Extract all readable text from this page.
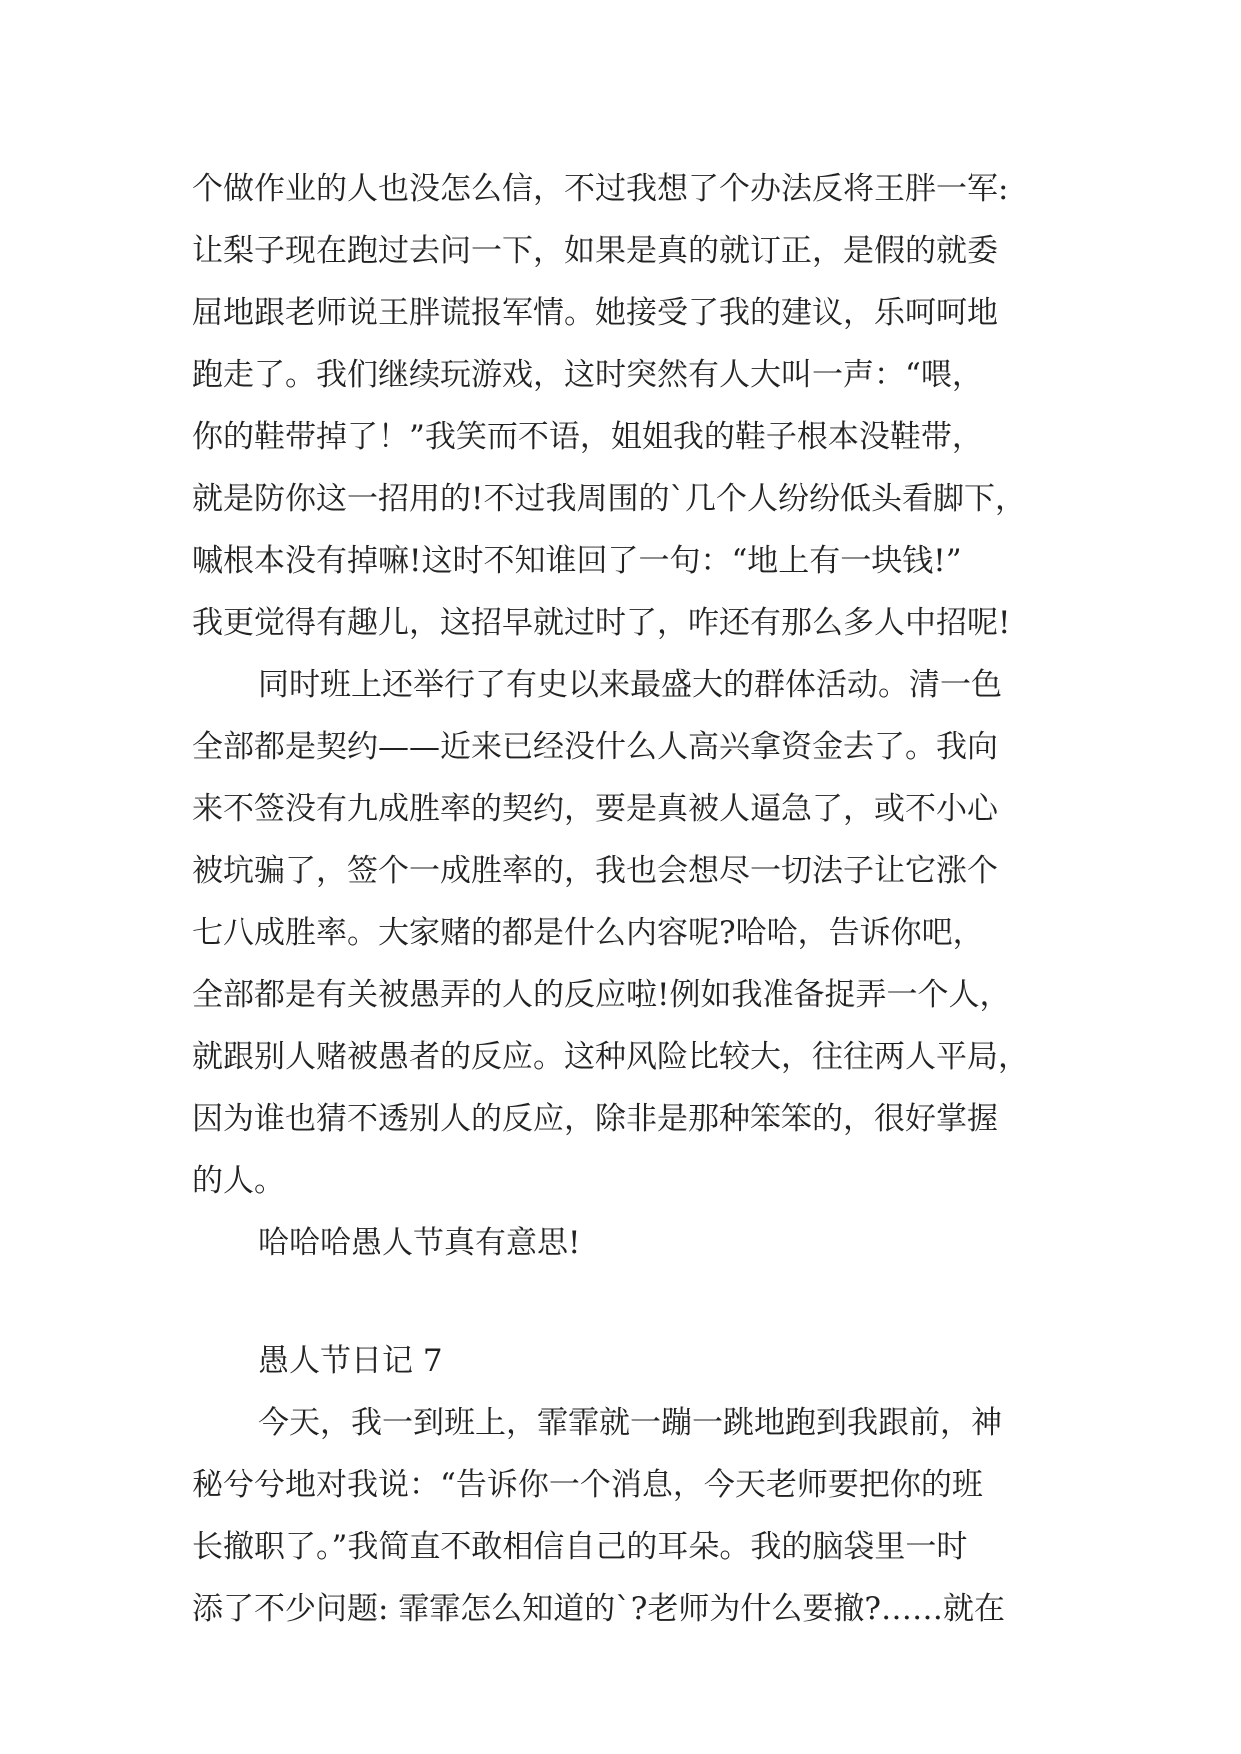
个做作业的人也没怎么信，不过我想了个办法反将王胖一军:
让梨子现在跑过去问一下，如果是真的就订正，是假的就委
屈地跟老师说王胖谎报军情。她接受了我的建议，乐呵呵地
跑走了。我们继续玩游戏，这时突然有人大叫一声：“喂，
你的鞋带掉了！”我笑而不语，姐姐我的鞋子根本没鞋带，
就是防你这一招用的!不过我周围的`几个人纷纷低头看脚下，
嘁根本没有掉嘛!这时不知谁回了一句：“地上有一块钱!”
我更觉得有趣儿，这招早就过时了，咋还有那么多人中招呢!
同时班上还举行了有史以来最盛大的群体活动。清一色
全部都是契约——近来已经没什么人高兴拿资金去了。我向
来不签没有九成胜率的契约，要是真被人逼急了，或不小心
被坑骗了，签个一成胜率的，我也会想尽一切法子让它涨个
七八成胜率。大家赌的都是什么内容呢?哈哈，告诉你吧，
全部都是有关被愚弄的人的反应啦!例如我准备捉弄一个人，
就跟别人赌被愚者的反应。这种风险比较大，往往两人平局，
因为谁也猜不透别人的反应，除非是那种笨笨的，很好掌握
的人。
哈哈哈愚人节真有意思!
愚人节日记 7
今天，我一到班上，霏霏就一蹦一跳地跑到我跟前，神
秘兮兮地对我说：“告诉你一个消息，今天老师要把你的班
长撤职了。”我简直不敢相信自己的耳朵。我的脑袋里一时
添了不少问题: 霏霏怎么知道的`?老师为什么要撤?……就在
